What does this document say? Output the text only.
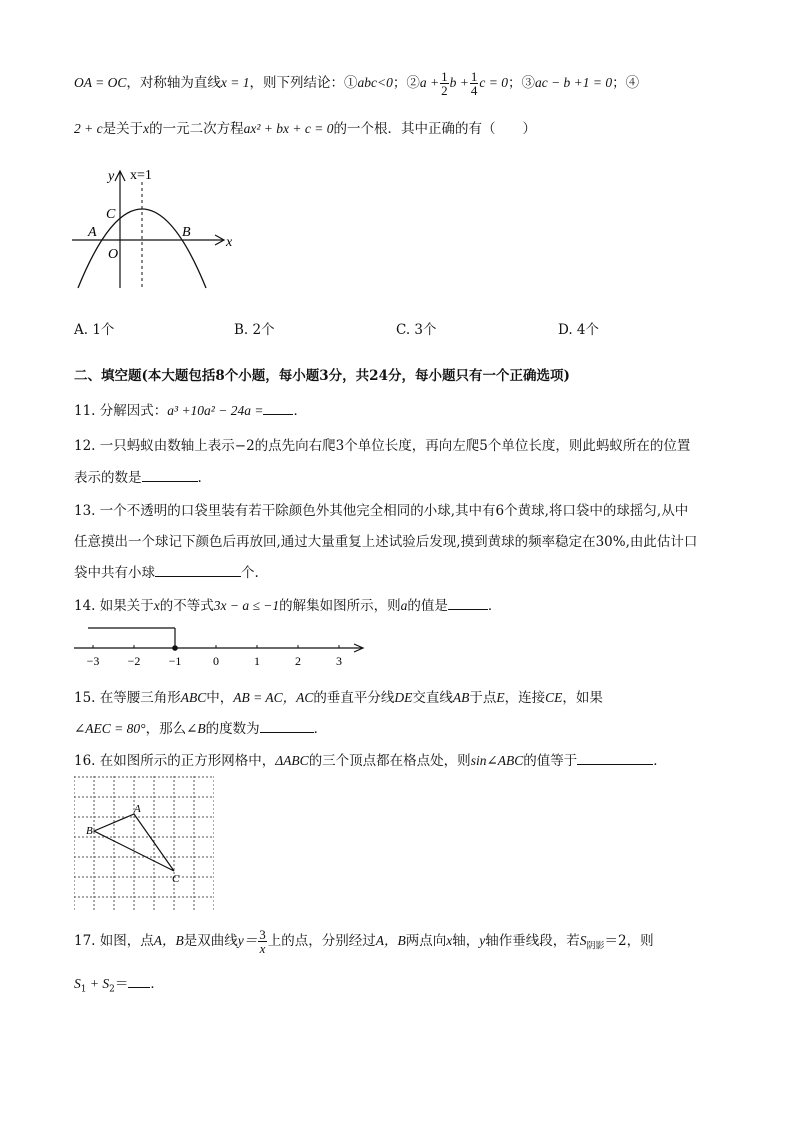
OA = OC，对称轴为直线x = 1，则下列结论：①abc<0；②a + $\frac{1}{2}$ $b + \frac{1}{4}$ c = 0；③ac − b +1 = 0；④
2 + c是关于x的一元二次方程ax² + bx + c = 0的一个根．其中正确的有（　　）
y x=1
C
A
O
B
x
A. 1个	B. 2个	C. 3个	D. 4个
二、填空题(本大题包括8个小题，每小题3分，共24分，每小题只有一个正确选项)
11. 分解因式：a³ +10a² − 24a = ．
12. 一只蚂蚁由数轴上表示−2的点先向右爬3个单位长度，再向左爬5个单位长度，则此蚂蚁所在的位置
表示的数是	.
13. 一个不透明的口袋里装有若干除颜色外其他完全相同的小球,其中有6个黄球,将口袋中的球摇匀,从中
任意摸出一个球记下颜色后再放回,通过大量重复上述试验后发现,摸到黄球的频率稳定在30%,由此估计口
袋中共有小球	个.
14. 如果关于x的不等式3x − a ≤ −1的解集如图所示，则a的值是	．
−3 −2 −1	0	1	2	3
15. 在等腰三角形ABC中，AB = AC，AC的垂直平分线DE交直线AB于点E，连接CE，如果
∠AEC = 80°，那么∠B的度数为	．
16. 在如图所示的正方形网格中，ΔABC的三个顶点都在格点处，则sin∠ABC的值等于	．
A
B
C
17. 如图，点A，B是双曲线$y= \frac{3}{x}$ 上的点，分别经过A，B两点向x轴，y轴作垂线段，若$S_{阴影}=2$，则
$S_1 + S_2=$ ．
